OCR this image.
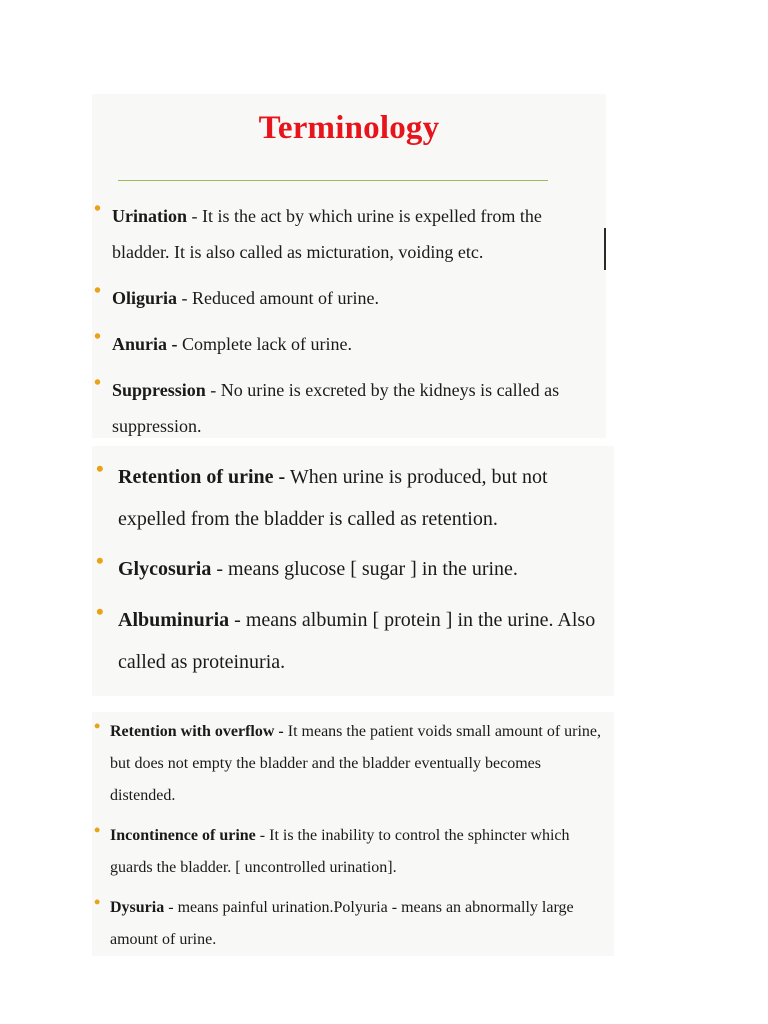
Terminology
• Urination - It is the act by which urine is expelled from the bladder. It is also called as micturation, voiding etc.

• Oliguria - Reduced amount of urine.

• Anuria - Complete lack of urine.

• Suppression - No urine is excreted by the kidneys is called as suppression.

• Retention of urine - When urine is produced, but not expelled from the bladder is called as retention.

• Glycosuria - means glucose [ sugar ] in the urine.

• Albuminuria - means albumin [ protein ] in the urine. Also called as proteinuria.

• Retention with overflow - It means the patient voids small amount of urine, but does not empty the bladder and the bladder eventually becomes distended.

• Incontinence of urine - It is the inability to control the sphincter which guards the bladder. [ uncontrolled urination].

• Dysuria - means painful urination.Polyuria - means an abnormally large amount of urine.
